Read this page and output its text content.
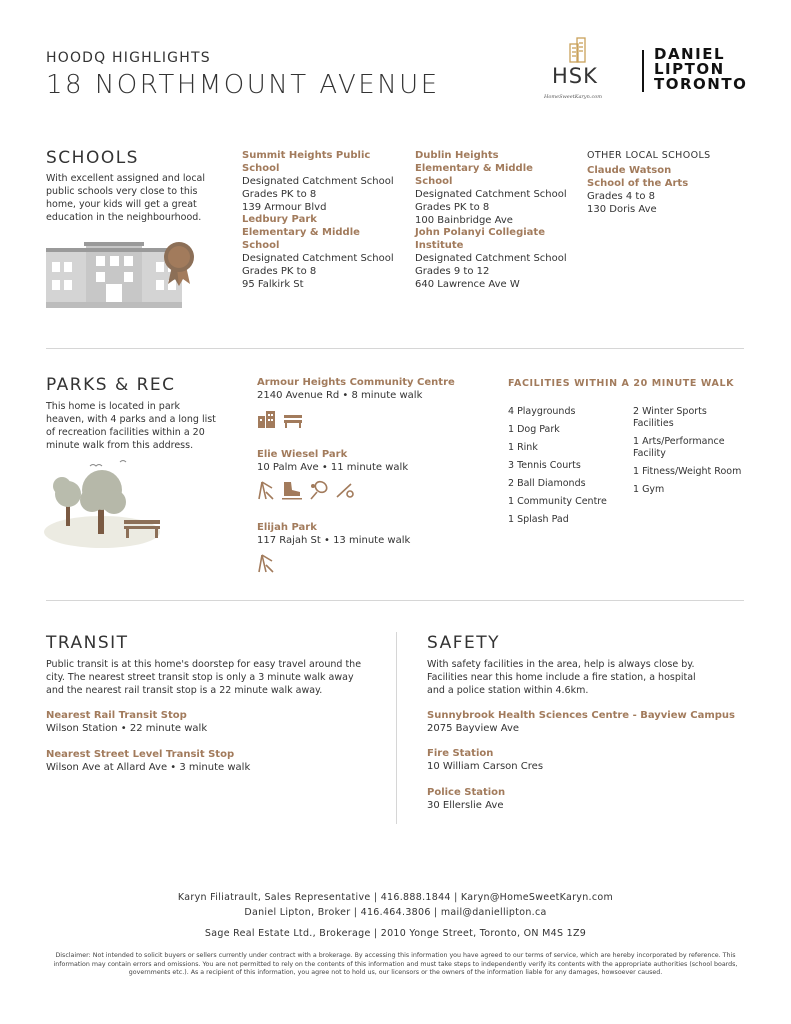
HOODQ HIGHLIGHTS
18 NORTHMOUNT AVENUE	HSK
HomeSweetKaryn.com
DANIEL
LIPTON
TORONTO
SCHOOLS
With excellent assigned and local public schools very close to this home, your kids will get a great education in the neighbourhood.
Summit Heights Public School
Designated Catchment School
Grades PK to 8
139 Armour Blvd
Ledbury Park Elementary & Middle School
Designated Catchment School
Grades PK to 8
95 Falkirk St
Dublin Heights Elementary & Middle School
Designated Catchment School
Grades PK to 8
100 Bainbridge Ave
John Polanyi Collegiate Institute
Designated Catchment School
Grades 9 to 12
640 Lawrence Ave W
OTHER LOCAL SCHOOLS
Claude Watson School of the Arts
Grades 4 to 8
130 Doris Ave
PARKS & REC
This home is located in park heaven, with 4 parks and a long list of recreation facilities within a 20 minute walk from this address.
Armour Heights Community Centre
2140 Avenue Rd • 8 minute walk
Elie Wiesel Park
10 Palm Ave • 11 minute walk
Elijah Park
117 Rajah St • 13 minute walk
FACILITIES WITHIN A 20 MINUTE WALK
4 Playgrounds
1 Dog Park
1 Rink
3 Tennis Courts
2 Ball Diamonds
1 Community Centre
1 Splash Pad
2 Winter Sports Facilities
1 Arts/Performance Facility
1 Fitness/Weight Room
1 Gym
TRANSIT
Public transit is at this home's doorstep for easy travel around the city. The nearest street transit stop is only a 3 minute walk away and the nearest rail transit stop is a 22 minute walk away.
Nearest Rail Transit Stop
Wilson Station • 22 minute walk
Nearest Street Level Transit Stop
Wilson Ave at Allard Ave • 3 minute walk
SAFETY
With safety facilities in the area, help is always close by. Facilities near this home include a fire station, a hospital and a police station within 4.6km.
Sunnybrook Health Sciences Centre - Bayview Campus
2075 Bayview Ave
Fire Station
10 William Carson Cres
Police Station
30 Ellerslie Ave
Karyn Filiatrault, Sales Representative | 416.888.1844 | Karyn@HomeSweetKaryn.com
Daniel Lipton, Broker | 416.464.3806 | mail@daniellipton.ca
Sage Real Estate Ltd., Brokerage | 2010 Yonge Street, Toronto, ON M4S 1Z9
Disclaimer: Not intended to solicit buyers or sellers currently under contract with a brokerage. By accessing this information you have agreed to our terms of service, which are hereby incorporated by reference. This information may contain errors and omissions. You are not permitted to rely on the contents of this information and must take steps to independently verify its contents with the appropriate authorities (school boards, governments etc.). As a recipient of this information, you agree not to hold us, our licensors or the owners of the information liable for any damages, howsoever caused.
